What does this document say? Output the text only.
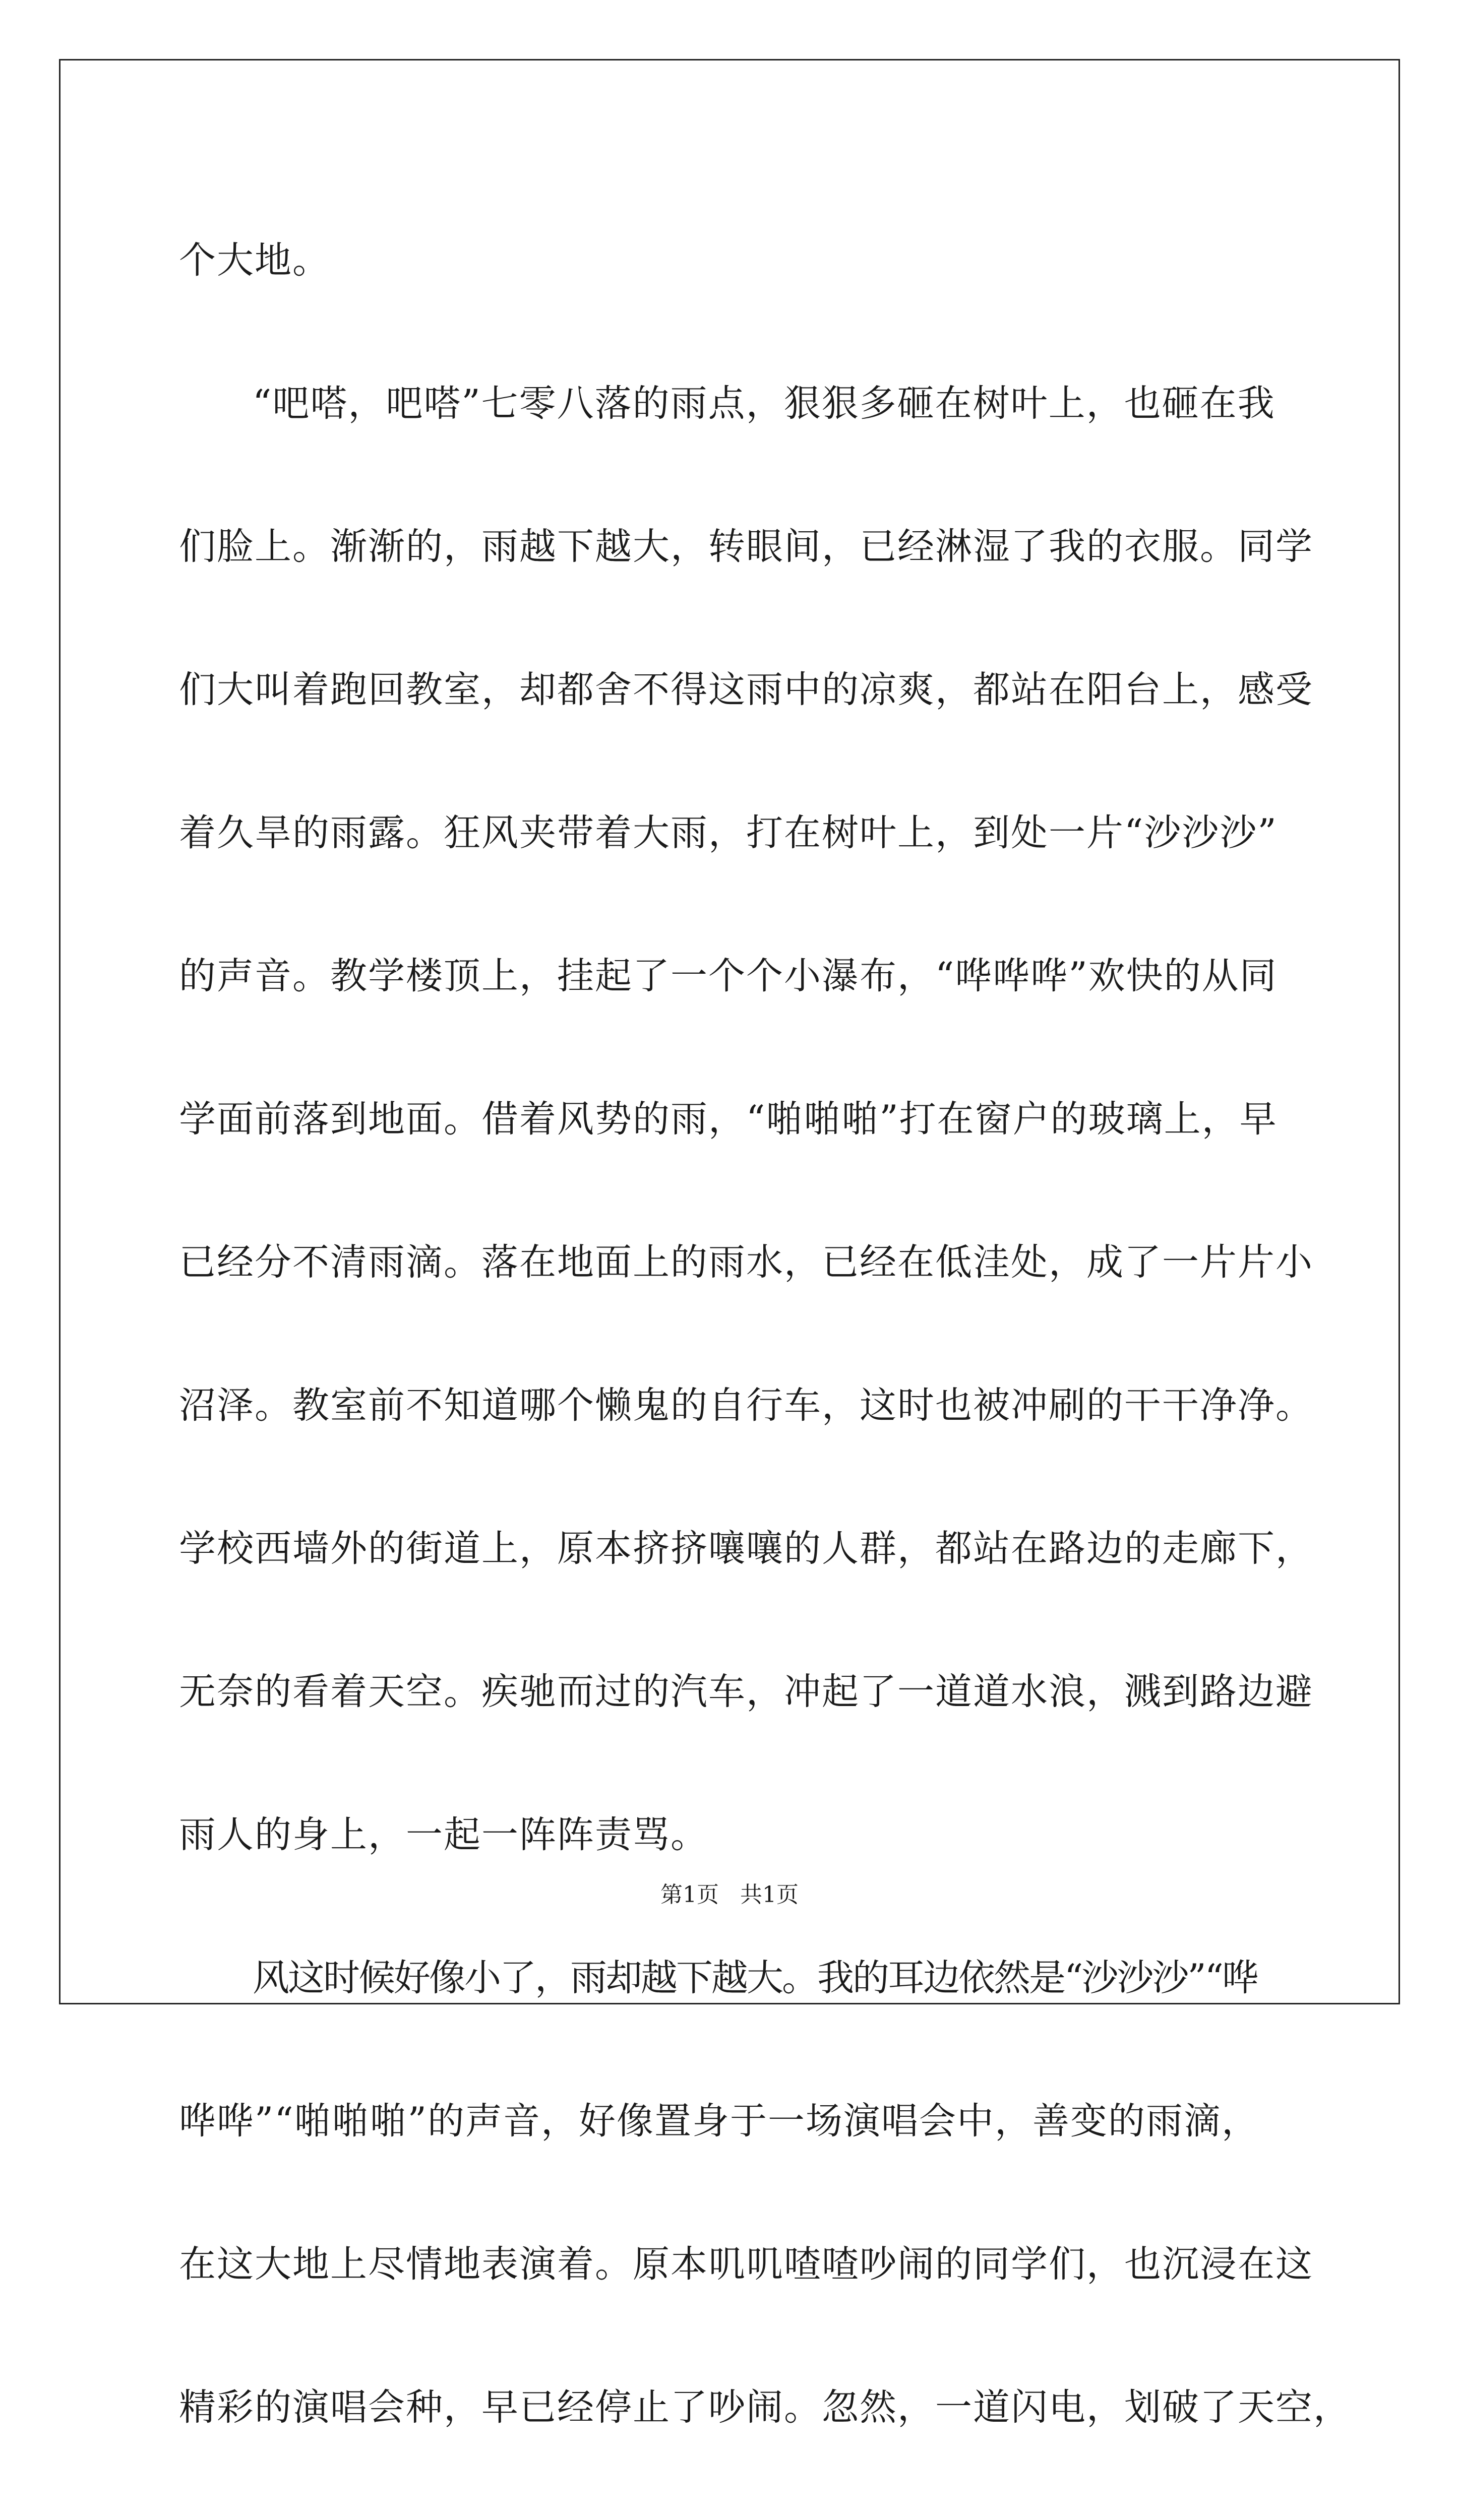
个大地。
“吧嗒，吧嗒”七零八落的雨点，狠狠多砸在树叶上，也砸在我
们脸上。渐渐的，雨越下越大，转眼间，已经淋湿了我的衣服。同学
们大叫着跑回教室，却都舍不得这雨中的凉爽，都站在阳台上，感受
着久旱的雨露。狂风夹带着大雨，打在树叶上，到处一片“沙沙沙”
的声音。教学楼顶上，挂起了一个个小瀑布，“哗哗哗”欢快的从同
学面前落到地面。借着风势的雨，“啪啪啪”打在窗户的玻璃上，早
已经分不清雨滴。落在地面上的雨水，已经在低洼处，成了一片片小
沼泽。教室前不知道哪个懒鬼的自行车，这时也被冲刷的干干净净。
学校西墙外的街道上，原本挤挤嚷嚷的人群，都站在路边的走廊下，
无奈的看着天空。疾驰而过的汽车，冲起了一道道水浪，溅到路边避
雨人的身上，一起一阵阵责骂。
风这时候好像小了，雨却越下越大。我的耳边依然是“沙沙沙”“哗
哗哗”“啪啪啪”的声音，好像置身于一场演唱会中，善变的雨滴，
在这大地上尽情地表演着。原本叽叽喳喳吵闹的同学们，也沉浸在这
精彩的演唱会种，早已经停止了吵闹。忽然，一道闪电，划破了天空，
第1页   共1页
